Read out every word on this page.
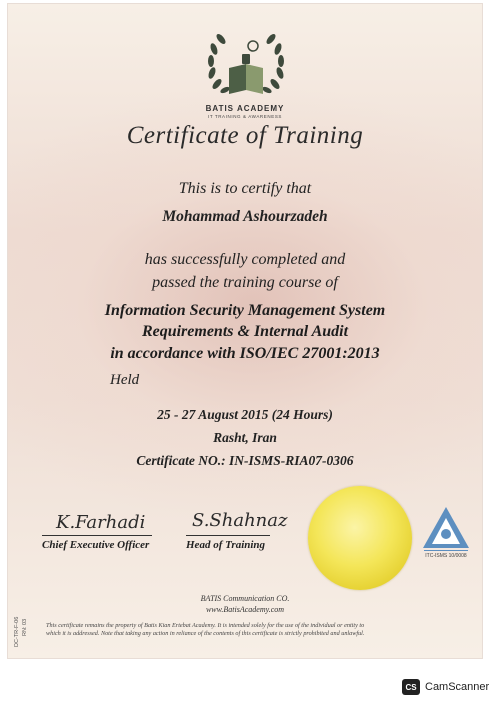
BATIS ACADEMY
IT TRAINING & AWARENESS
Certificate of Training
This is to certify that
Mohammad Ashourzadeh
has successfully completed and
passed the training course of
Information Security Management System
Requirements & Internal Audit
in accordance with ISO/IEC 27001:2013
Held
25 - 27 August 2015 (24 Hours)
Rasht, Iran
Certificate NO.: IN-ISMS-RIA07-0306
K.Farhadi
Chief Executive Officer
S.Shahnaz
Head of Training
ITC-ISMS 10/0008
BATIS Communication CO.
www.BatisAcademy.com
This certificate remains the property of Batis Kian Ertebat Academy. It is intended solely for the use of the individual or entity to
which it is addressed. Note that taking any action in reliance of the contents of this certificate is strictly prohibited and unlawful.
DC-TR-F-06 RN: 03
CS CamScanner
